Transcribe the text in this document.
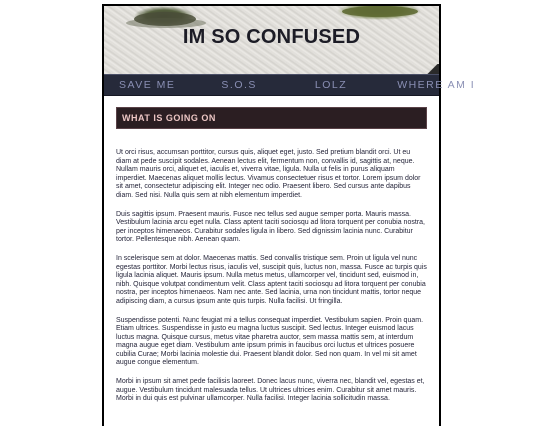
IM SO CONFUSED
SAVE ME	S.O.S	LOLZ	WHERE AM I
WHAT IS GOING ON

Ut orci risus, accumsan porttitor, cursus quis, aliquet eget, justo. Sed pretium blandit orci. Ut eu diam at pede suscipit sodales. Aenean lectus elit, fermentum non, convallis id, sagittis at, neque. Nullam mauris orci, aliquet et, iaculis et, viverra vitae, ligula. Nulla ut felis in purus aliquam imperdiet. Maecenas aliquet mollis lectus. Vivamus consectetuer risus et tortor. Lorem ipsum dolor sit amet, consectetur adipiscing elit. Integer nec odio. Praesent libero. Sed cursus ante dapibus diam. Sed nisi. Nulla quis sem at nibh elementum imperdiet.

Duis sagittis ipsum. Praesent mauris. Fusce nec tellus sed augue semper porta. Mauris massa. Vestibulum lacinia arcu eget nulla. Class aptent taciti sociosqu ad litora torquent per conubia nostra, per inceptos himenaeos. Curabitur sodales ligula in libero. Sed dignissim lacinia nunc. Curabitur tortor. Pellentesque nibh. Aenean quam.

In scelerisque sem at dolor. Maecenas mattis. Sed convallis tristique sem. Proin ut ligula vel nunc egestas porttitor. Morbi lectus risus, iaculis vel, suscipit quis, luctus non, massa. Fusce ac turpis quis ligula lacinia aliquet. Mauris ipsum. Nulla metus metus, ullamcorper vel, tincidunt sed, euismod in, nibh. Quisque volutpat condimentum velit. Class aptent taciti sociosqu ad litora torquent per conubia nostra, per inceptos himenaeos. Nam nec ante. Sed lacinia, urna non tincidunt mattis, tortor neque adipiscing diam, a cursus ipsum ante quis turpis. Nulla facilisi. Ut fringilla.

Suspendisse potenti. Nunc feugiat mi a tellus consequat imperdiet. Vestibulum sapien. Proin quam. Etiam ultrices. Suspendisse in justo eu magna luctus suscipit. Sed lectus. Integer euismod lacus luctus magna. Quisque cursus, metus vitae pharetra auctor, sem massa mattis sem, at interdum magna augue eget diam. Vestibulum ante ipsum primis in faucibus orci luctus et ultrices posuere cubilia Curae; Morbi lacinia molestie dui. Praesent blandit dolor. Sed non quam. In vel mi sit amet augue congue elementum.

Morbi in ipsum sit amet pede facilisis laoreet. Donec lacus nunc, viverra nec, blandit vel, egestas et, augue. Vestibulum tincidunt malesuada tellus. Ut ultrices ultrices enim. Curabitur sit amet mauris. Morbi in dui quis est pulvinar ullamcorper. Nulla facilisi. Integer lacinia sollicitudin massa.
